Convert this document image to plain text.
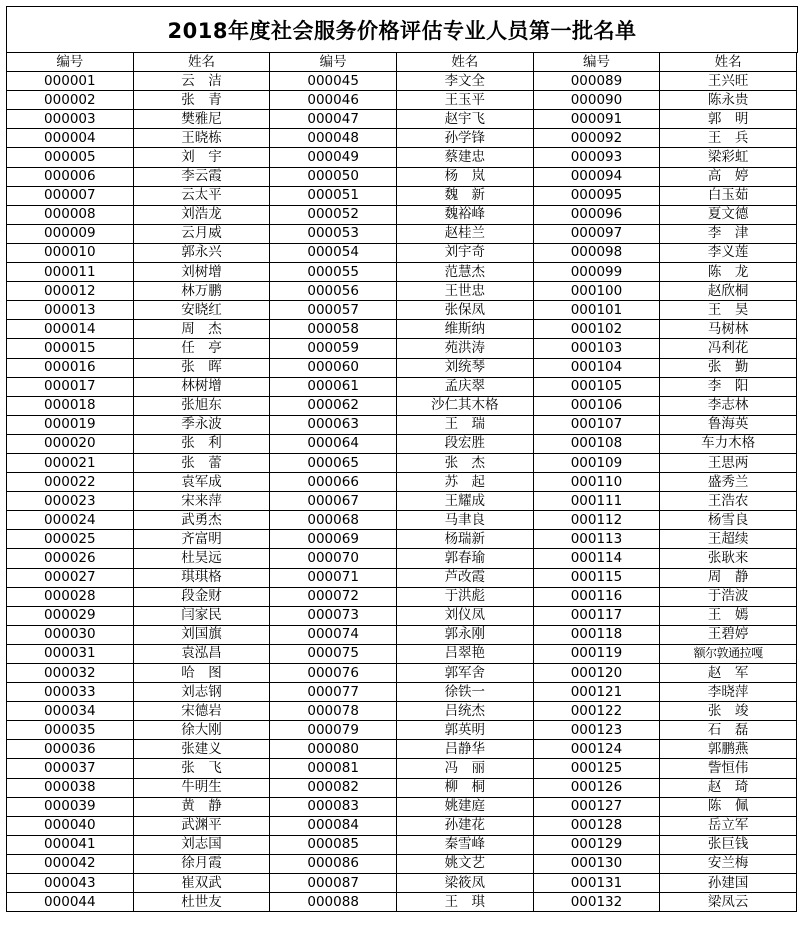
2018年度社会服务价格评估专业人员第一批名单
编号	姓名	编号	姓名	编号	姓名
000001	云　洁	000045	李文全	000089	王兴旺
000002	张　青	000046	王玉平	000090	陈永贵
000003	樊雅尼	000047	赵宇飞	000091	郭　明
000004	王晓栋	000048	孙学锋	000092	王　兵
000005	刘　宇	000049	蔡建忠	000093	梁彩虹
000006	李云霞	000050	杨　岚	000094	高　婷
000007	云太平	000051	魏　新	000095	白玉茹
000008	刘浩龙	000052	魏裕峰	000096	夏文德
000009	云月威	000053	赵桂兰	000097	李　津
000010	郭永兴	000054	刘宇奇	000098	李义莲
000011	刘树增	000055	范慧杰	000099	陈　龙
000012	林万鹏	000056	王世忠	000100	赵欣桐
000013	安晓红	000057	张保凤	000101	王　昊
000014	周　杰	000058	维斯纳	000102	马树林
000015	任　亭	000059	苑洪涛	000103	冯利花
000016	张　晖	000060	刘统琴	000104	张　勤
000017	林树增	000061	孟庆翠	000105	李　阳
000018	张旭东	000062	沙仁其木格	000106	李志林
000019	季永波	000063	王　瑞	000107	鲁海英
000020	张　利	000064	段宏胜	000108	车力木格
000021	张　蕾	000065	张　杰	000109	王思两
000022	袁军成	000066	苏　起	000110	盛秀兰
000023	宋来萍	000067	王耀成	000111	王浩农
000024	武勇杰	000068	马聿良	000112	杨雪良
000025	齐富明	000069	杨瑞新	000113	王超续
000026	杜昊远	000070	郭春瑜	000114	张耿来
000027	琪琪格	000071	芦改霞	000115	周　静
000028	段金财	000072	于洪彪	000116	于浩波
000029	闫家民	000073	刘仪凤	000117	王　嫣
000030	刘国旗	000074	郭永刚	000118	王碧婷
000031	袁泓昌	000075	吕翠艳	000119	额尔敦通拉嘎
000032	哈　图	000076	郭军舍	000120	赵　军
000033	刘志钢	000077	徐铁一	000121	李晓萍
000034	宋德岩	000078	吕统杰	000122	张　竣
000035	徐大刚	000079	郭英明	000123	石　磊
000036	张建义	000080	吕静华	000124	郭鹏燕
000037	张　飞	000081	冯　丽	000125	訾恒伟
000038	牛明生	000082	柳　桐	000126	赵　琦
000039	黄　静	000083	姚建庭	000127	陈　佩
000040	武渊平	000084	孙建花	000128	岳立军
000041	刘志国	000085	秦雪峰	000129	张巨钱
000042	徐月霞	000086	姚文艺	000130	安兰梅
000043	崔双武	000087	梁筱凤	000131	孙建国
000044	杜世友	000088	王　琪	000132	梁凤云
